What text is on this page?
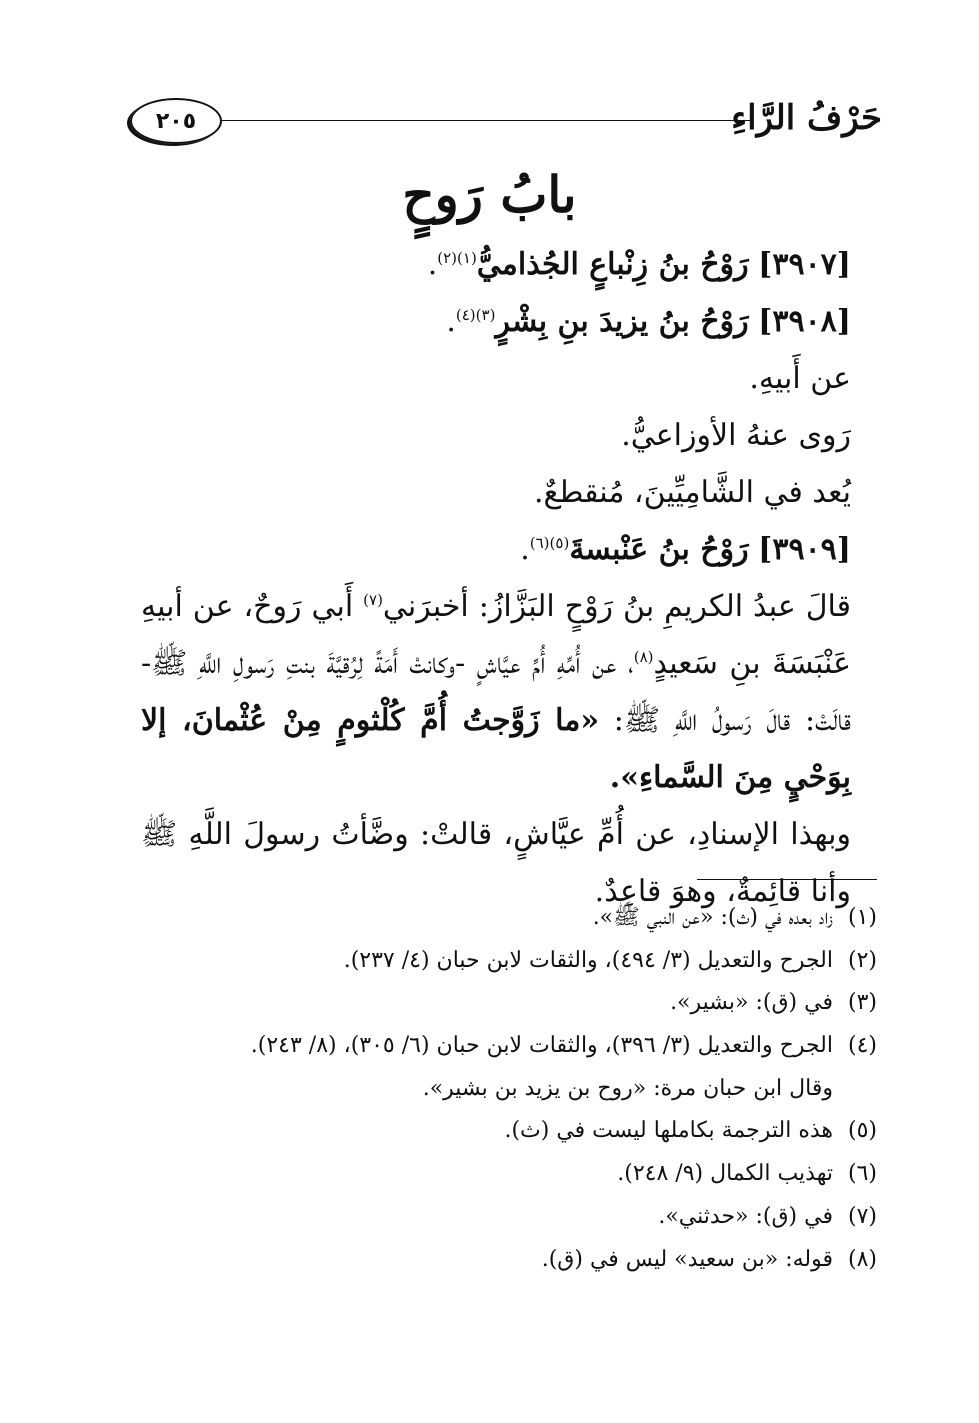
٢٠٥	حَرْفُ الرَّاءِ
بابُ رَوحٍ
[٣٩٠٧] رَوْحُ بنُ زِنْباعٍ الجُذاميُّ$^{(١)(٢)}$.
[٣٩٠٨] رَوْحُ بنُ يزيدَ بنِ بِشْرٍ$^{(٣)(٤)}$.
عن أَبيهِ.
رَوى عنهُ الأوزاعيُّ.
يُعد في الشَّامِيِّينَ، مُنقطعٌ.
[٣٩٠٩] رَوْحُ بنُ عَنْبسةَ$^{(٥)(٦)}$.
قالَ عبدُ الكريمِ بنُ رَوْحٍ البَزَّازُ: أخبرَني$^{(٧)}$ أَبي رَوحٌ، عن أبيهِ عَنْبَسَةَ بنِ سَعيدٍ$^{(٨)}$، عن أُمِّهِ أُمِّ عيَّاشٍ -وكانتْ أَمَةً لِرُقيَّةَ بنتِ رَسولِ اللَّهِ ﷺ- قالَتْ: قالَ رَسولُ اللَّهِ ﷺ: «ما زَوَّجتُ أُمَّ كُلْثومٍ مِنْ عُثْمانَ، إلا بِوَحْيٍ مِنَ السَّماءِ».
وبهذا الإسنادِ، عن أُمِّ عيَّاشٍ، قالتْ: وضَّأتُ رسولَ اللَّهِ ﷺ وأنا قائِمةٌ، وهوَ قاعِدٌ.
(١)زاد بعده في (ث): «عن النبي ﷺ».
(٢)الجرح والتعديل (٣/ ٤٩٤)، والثقات لابن حبان (٤/ ٢٣٧).
(٣)في (ق): «بشير».
(٤)الجرح والتعديل (٣/ ٣٩٦)، والثقات لابن حبان (٦/ ٣٠٥)، (٨/ ٢٤٣).
وقال ابن حبان مرة: «روح بن يزيد بن بشير».
(٥)هذه الترجمة بكاملها ليست في (ث).
(٦)تهذيب الكمال (٩/ ٢٤٨).
(٧)في (ق): «حدثني».
(٨)قوله: «بن سعيد» ليس في (ق).
